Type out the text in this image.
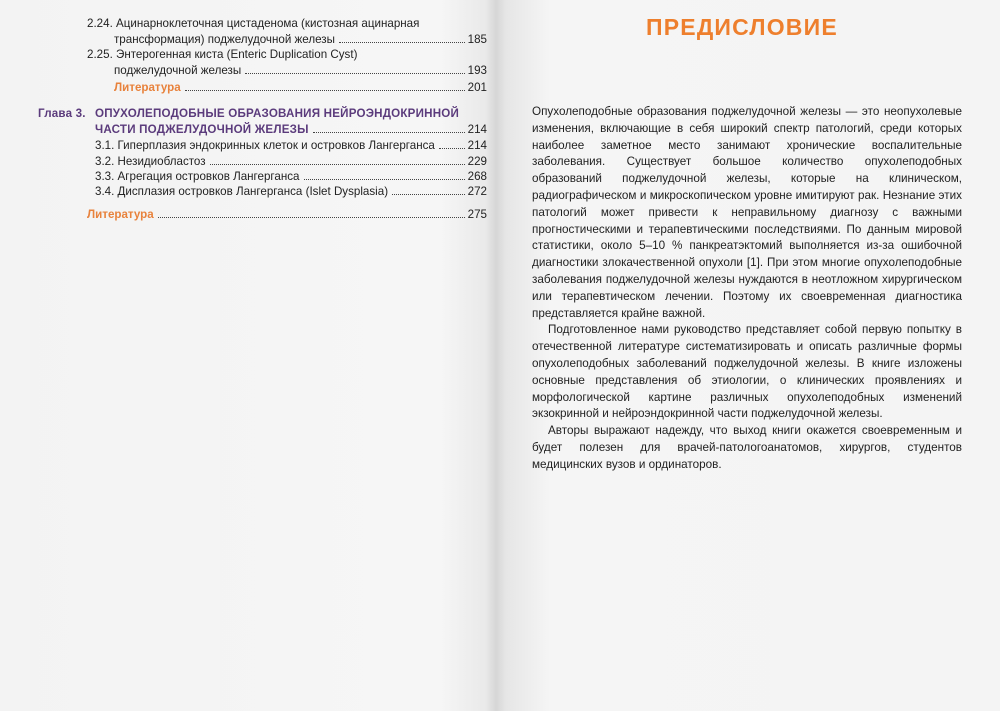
2.24. Ацинарноклеточная цистаденома (кистозная ацинарная
трансформация) поджелудочной железы	185
2.25. Энтерогенная киста (Enteric Duplication Cyst)
поджелудочной железы	193
Литература	201
Глава 3. ОПУХОЛЕПОДОБНЫЕ ОБРАЗОВАНИЯ НЕЙРОЭНДОКРИННОЙ
ЧАСТИ ПОДЖЕЛУДОЧНОЙ ЖЕЛЕЗЫ	214
3.1. Гиперплазия эндокринных клеток и островков Лангерганса	214
3.2. Незидиобластоз	229
3.3. Агрегация островков Лангерганса	268
3.4. Дисплазия островков Лангерганса (Islet Dysplasia)	272
Литература	275
ПРЕДИСЛОВИЕ

Опухолеподобные образования поджелудочной железы — это неопухолевые изменения, включающие в себя широкий спектр патологий, среди которых наиболее заметное место занимают хронические воспалительные заболевания. Существует большое количество опухолеподобных образований поджелудочной железы, которые на клиническом, радиографическом и микроскопическом уровне имитируют рак. Незнание этих патологий может привести к неправильному диагнозу с важными прогностическими и терапевтическими последствиями. По данным мировой статистики, около 5–10 % панкреатэктомий выполняется из-за ошибочной диагностики злокачественной опухоли [1]. При этом многие опухолеподобные заболевания поджелудочной железы нуждаются в неотложном хирургическом или терапевтическом лечении. Поэтому их своевременная диагностика представляется крайне важной.

Подготовленное нами руководство представляет собой первую попытку в отечественной литературе систематизировать и описать различные формы опухолеподобных заболеваний поджелудочной железы. В книге изложены основные представления об этиологии, о клинических проявлениях и морфологической картине различных опухолеподобных изменений экзокринной и нейроэндокринной части поджелудочной железы.

Авторы выражают надежду, что выход книги окажется своевременным и будет полезен для врачей-патологоанатомов, хирургов, студентов медицинских вузов и ординаторов.
